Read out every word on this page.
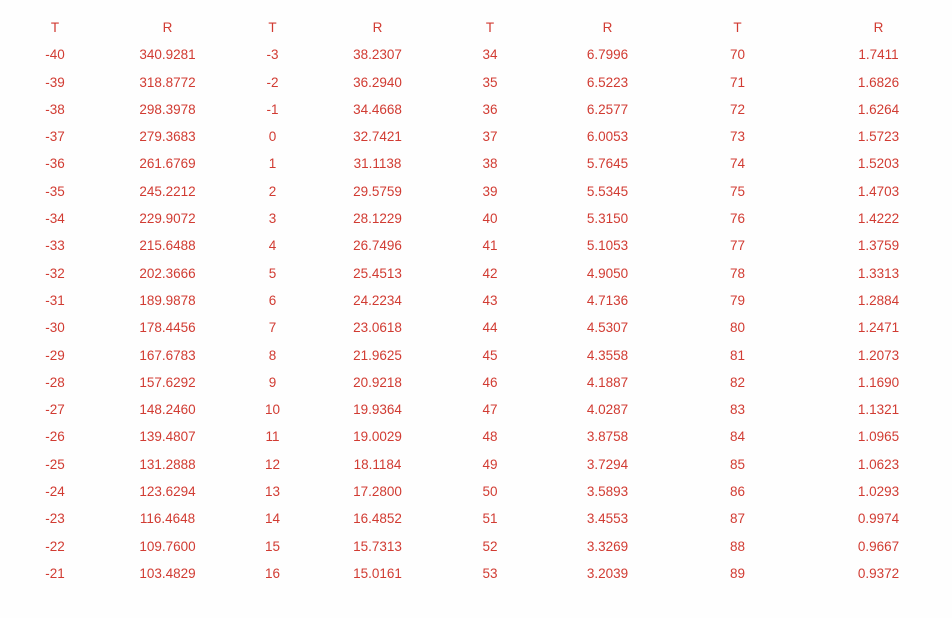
T	R	T	R	T	R	T	R
-40	340.9281	-3	38.2307	34	6.7996	70	1.7411
-39	318.8772	-2	36.2940	35	6.5223	71	1.6826
-38	298.3978	-1	34.4668	36	6.2577	72	1.6264
-37	279.3683	0	32.7421	37	6.0053	73	1.5723
-36	261.6769	1	31.1138	38	5.7645	74	1.5203
-35	245.2212	2	29.5759	39	5.5345	75	1.4703
-34	229.9072	3	28.1229	40	5.3150	76	1.4222
-33	215.6488	4	26.7496	41	5.1053	77	1.3759
-32	202.3666	5	25.4513	42	4.9050	78	1.3313
-31	189.9878	6	24.2234	43	4.7136	79	1.2884
-30	178.4456	7	23.0618	44	4.5307	80	1.2471
-29	167.6783	8	21.9625	45	4.3558	81	1.2073
-28	157.6292	9	20.9218	46	4.1887	82	1.1690
-27	148.2460	10	19.9364	47	4.0287	83	1.1321
-26	139.4807	11	19.0029	48	3.8758	84	1.0965
-25	131.2888	12	18.1184	49	3.7294	85	1.0623
-24	123.6294	13	17.2800	50	3.5893	86	1.0293
-23	116.4648	14	16.4852	51	3.4553	87	0.9974
-22	109.7600	15	15.7313	52	3.3269	88	0.9667
-21	103.4829	16	15.0161	53	3.2039	89	0.9372
